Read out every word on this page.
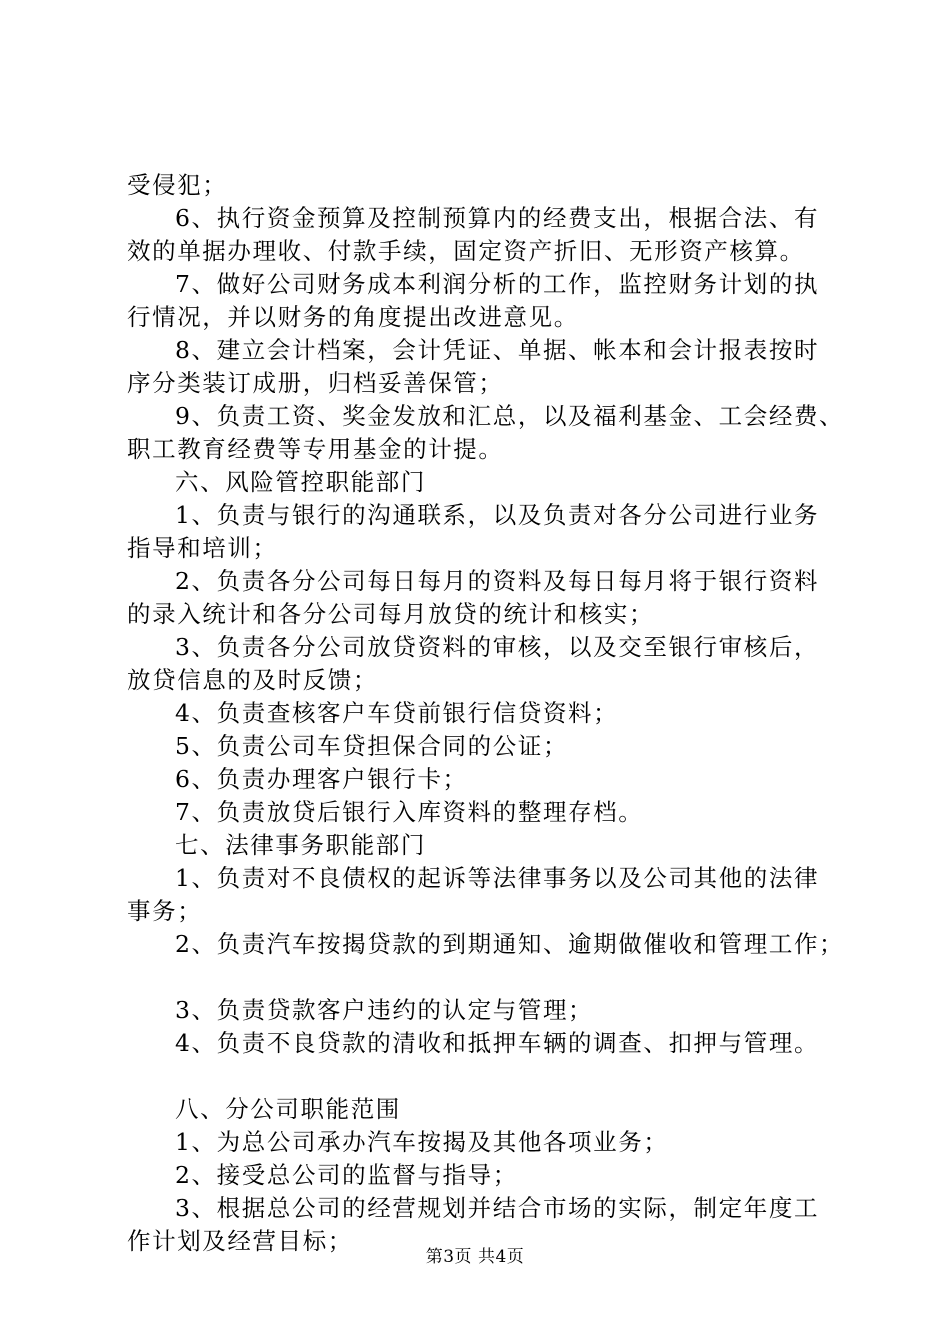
受侵犯；
6、执行资金预算及控制预算内的经费支出，根据合法、有
效的单据办理收、付款手续，固定资产折旧、无形资产核算。
7、做好公司财务成本利润分析的工作，监控财务计划的执
行情况，并以财务的角度提出改进意见。
8、建立会计档案，会计凭证、单据、帐本和会计报表按时
序分类装订成册，归档妥善保管；
9、负责工资、奖金发放和汇总，以及福利基金、工会经费、
职工教育经费等专用基金的计提。
六、风险管控职能部门
1、负责与银行的沟通联系，以及负责对各分公司进行业务
指导和培训；
2、负责各分公司每日每月的资料及每日每月将于银行资料
的录入统计和各分公司每月放贷的统计和核实；
3、负责各分公司放贷资料的审核，以及交至银行审核后，
放贷信息的及时反馈；
4、负责查核客户车贷前银行信贷资料；
5、负责公司车贷担保合同的公证；
6、负责办理客户银行卡；
7、负责放贷后银行入库资料的整理存档。
七、法律事务职能部门
1、负责对不良债权的起诉等法律事务以及公司其他的法律
事务；
2、负责汽车按揭贷款的到期通知、逾期做催收和管理工作；
3、负责贷款客户违约的认定与管理；
4、负责不良贷款的清收和抵押车辆的调查、扣押与管理。
八、分公司职能范围
1、为总公司承办汽车按揭及其他各项业务；
2、接受总公司的监督与指导；
3、根据总公司的经营规划并结合市场的实际，制定年度工
作计划及经营目标；
第3页 共4页
